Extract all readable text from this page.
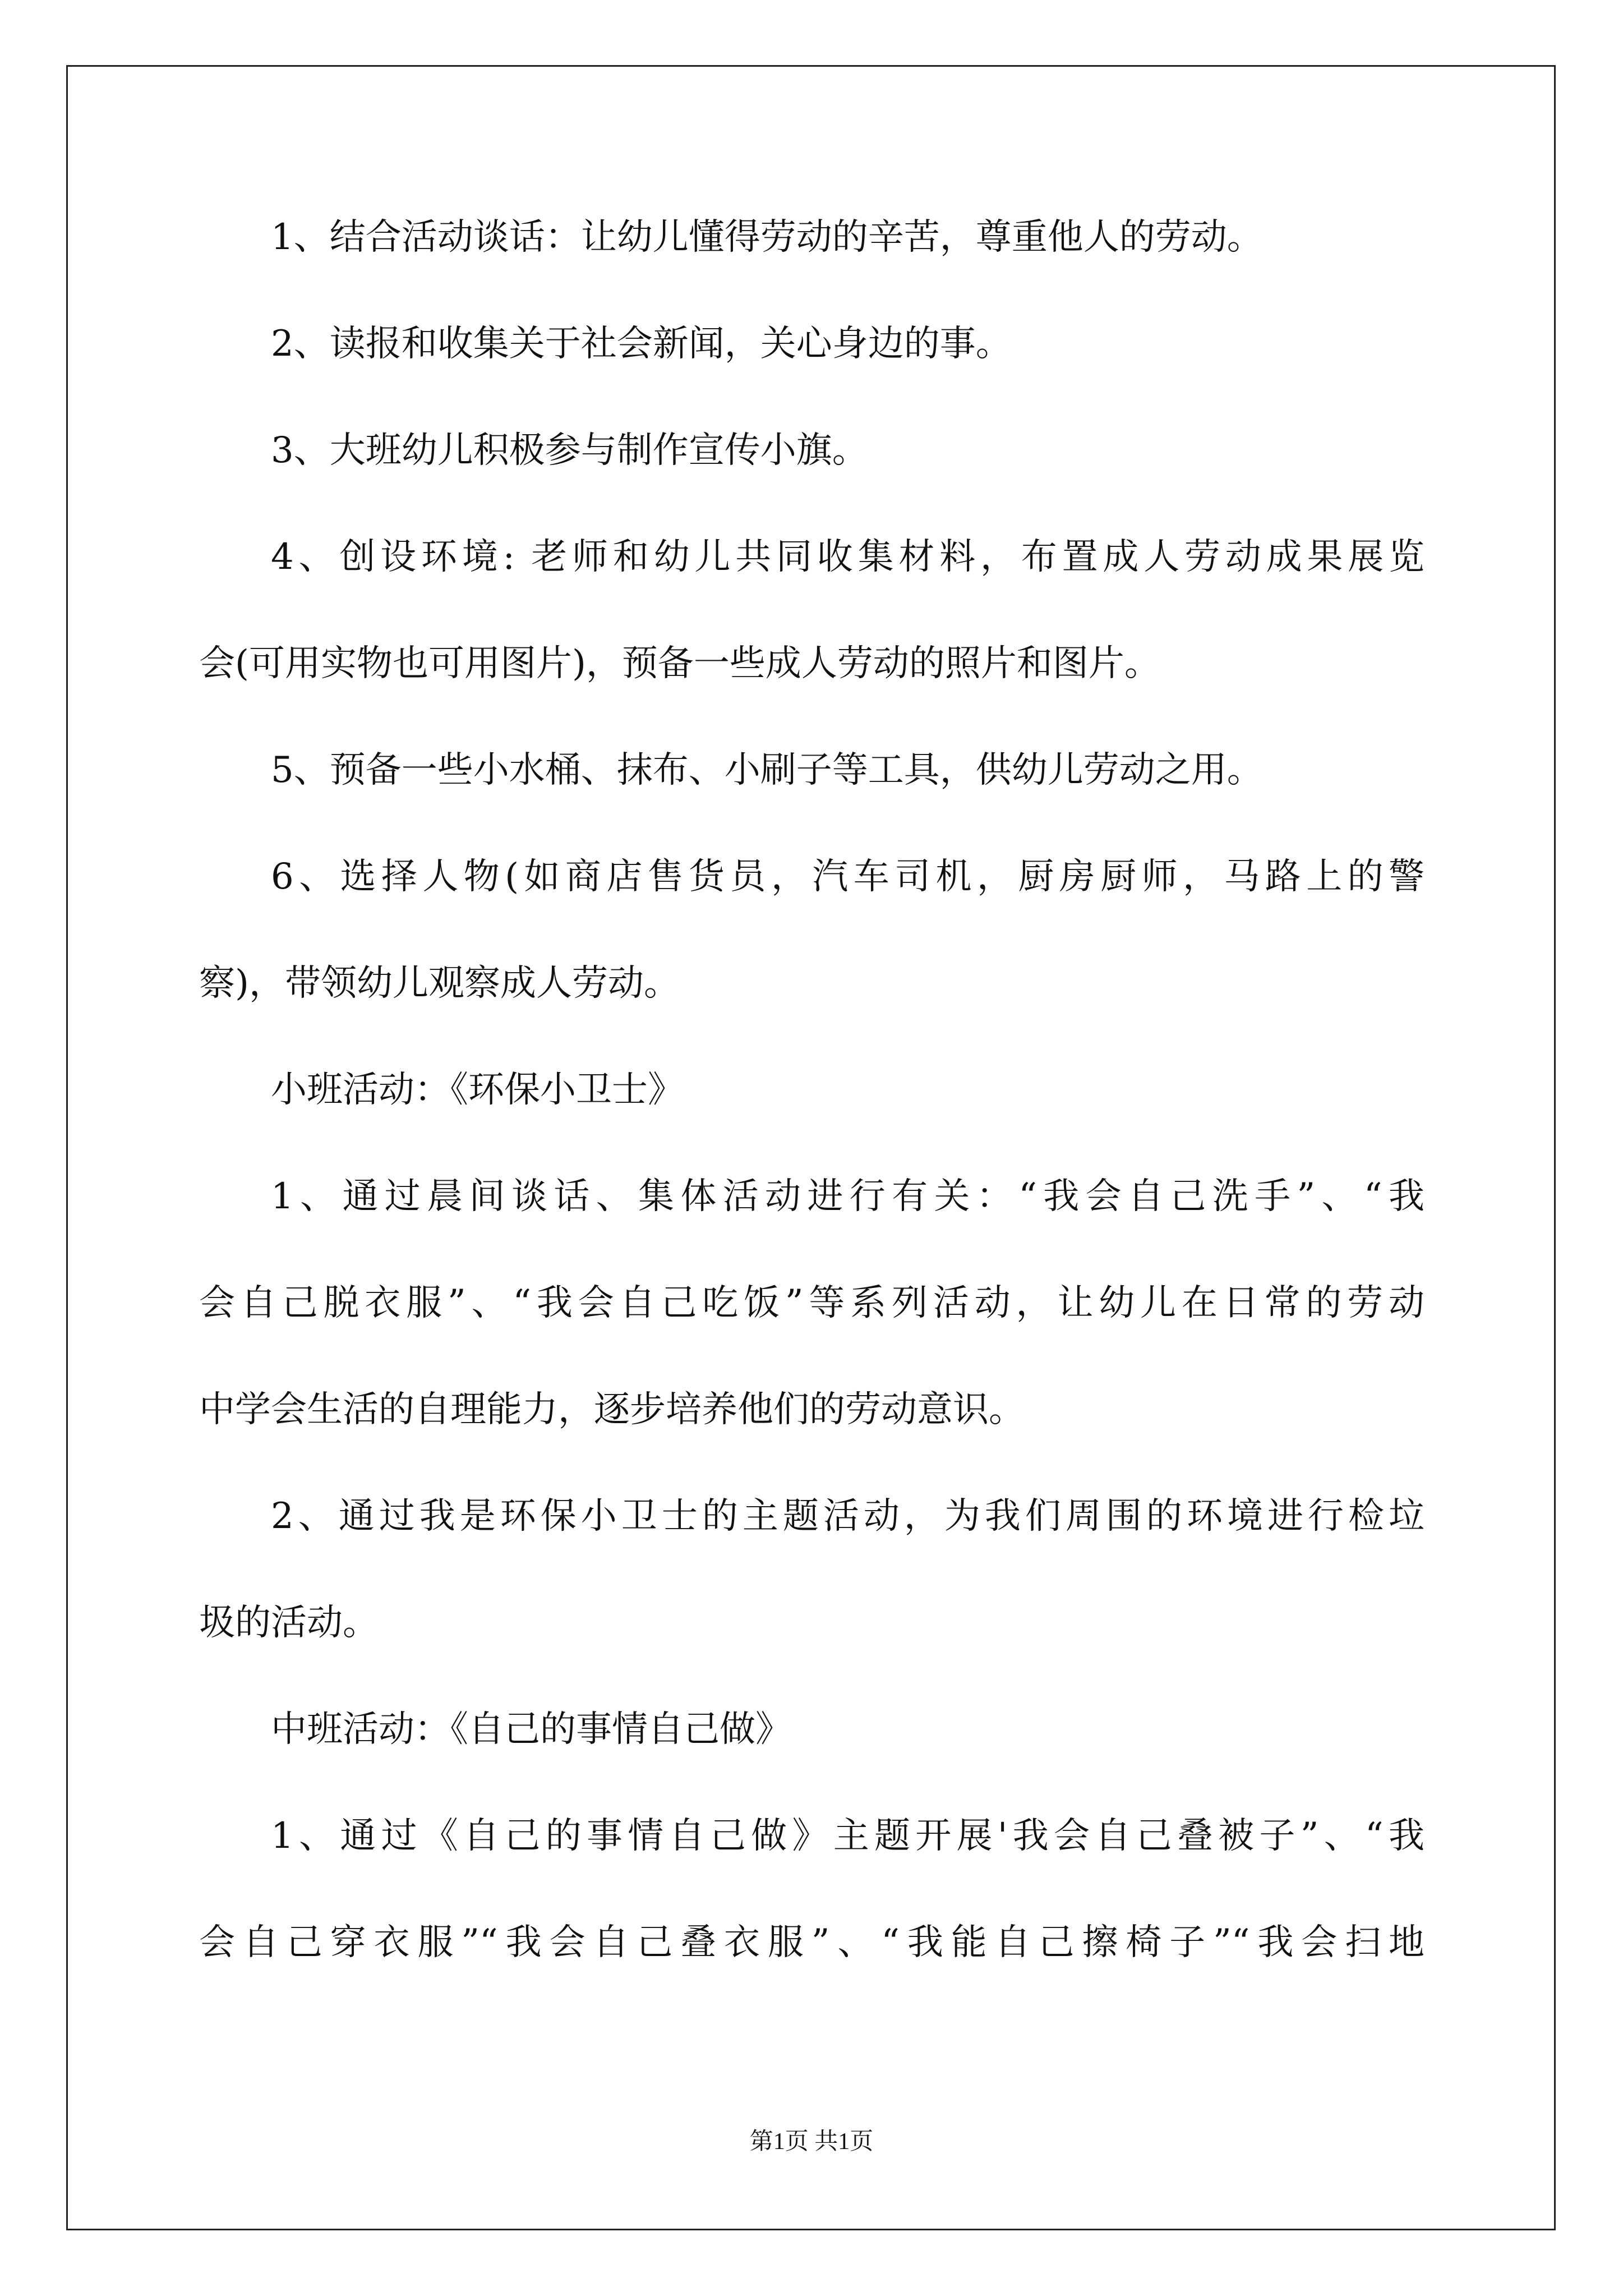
1、结合活动谈话：让幼儿懂得劳动的辛苦，尊重他人的劳动。
2、读报和收集关于社会新闻，关心身边的事。
3、大班幼儿积极参与制作宣传小旗。
4、创设环境: 老师和幼儿共同收集材料，布置成人劳动成果展览
会(可用实物也可用图片)，预备一些成人劳动的照片和图片。
5、预备一些小水桶、抹布、小刷子等工具，供幼儿劳动之用。
6、选择人物(如商店售货员，汽车司机，厨房厨师，马路上的警
察)，带领幼儿观察成人劳动。
小班活动：《环保小卫士》
1、通过晨间谈话、集体活动进行有关：“我会自己洗手”、“我
会自己脱衣服”、“我会自己吃饭”等系列活动，让幼儿在日常的劳动
中学会生活的自理能力，逐步培养他们的劳动意识。
2、通过我是环保小卫士的主题活动，为我们周围的环境进行检垃
圾的活动。
中班活动：《自己的事情自己做》
1、通过《自己的事情自己做》主题开展'我会自己叠被子”、“我
会自己穿衣服”“我会自己叠衣服”、“我能自己擦椅子”“我会扫地
第1页 共1页
